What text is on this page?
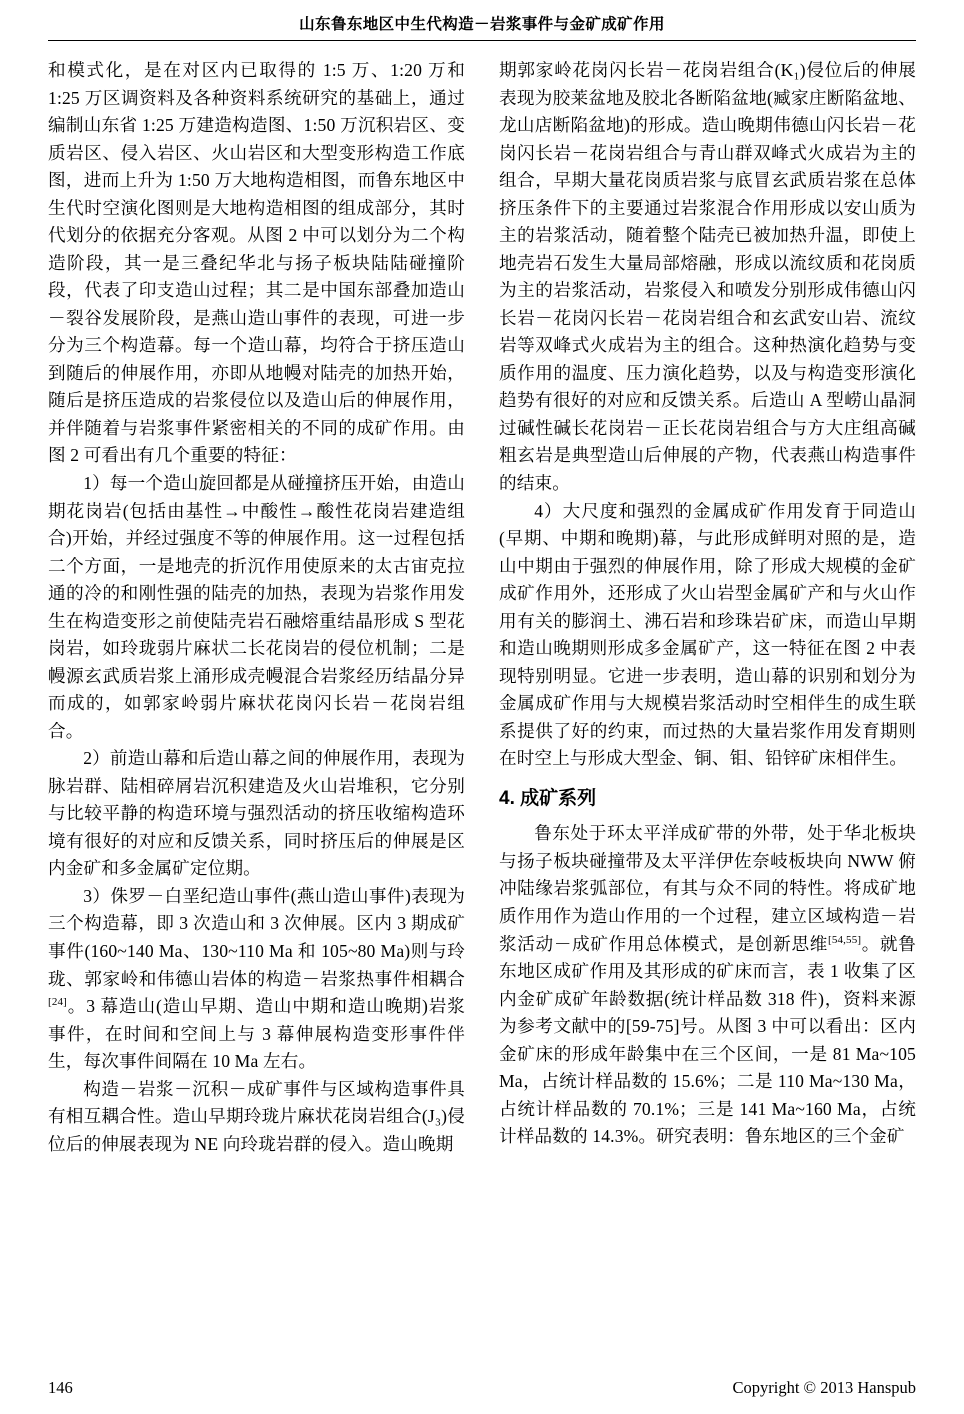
山东鲁东地区中生代构造－岩浆事件与金矿成矿作用

和模式化，是在对区内已取得的 1:5 万、1:20 万和 1:25 万区调资料及各种资料系统研究的基础上，通过编制山东省 1:25 万建造构造图、1:50 万沉积岩区、变质岩区、侵入岩区、火山岩区和大型变形构造工作底图，进而上升为 1:50 万大地构造相图，而鲁东地区中生代时空演化图则是大地构造相图的组成部分，其时代划分的依据充分客观。从图 2 中可以划分为二个构造阶段，其一是三叠纪华北与扬子板块陆陆碰撞阶段，代表了印支造山过程；其二是中国东部叠加造山－裂谷发展阶段，是燕山造山事件的表现，可进一步分为三个构造幕。每一个造山幕，均符合于挤压造山到随后的伸展作用，亦即从地幔对陆壳的加热开始，随后是挤压造成的岩浆侵位以及造山后的伸展作用，并伴随着与岩浆事件紧密相关的不同的成矿作用。由图 2 可看出有几个重要的特征：

1）每一个造山旋回都是从碰撞挤压开始，由造山期花岗岩(包括由基性→中酸性→酸性花岗岩建造组合)开始，并经过强度不等的伸展作用。这一过程包括二个方面，一是地壳的折沉作用使原来的太古宙克拉通的冷的和刚性强的陆壳的加热，表现为岩浆作用发生在构造变形之前使陆壳岩石融熔重结晶形成 S 型花岗岩，如玲珑弱片麻状二长花岗岩的侵位机制；二是幔源玄武质岩浆上涌形成壳幔混合岩浆经历结晶分异而成的，如郭家岭弱片麻状花岗闪长岩－花岗岩组合。

2）前造山幕和后造山幕之间的伸展作用，表现为脉岩群、陆相碎屑岩沉积建造及火山岩堆积，它分别与比较平静的构造环境与强烈活动的挤压收缩构造环境有很好的对应和反馈关系，同时挤压后的伸展是区内金矿和多金属矿定位期。

3）侏罗－白垩纪造山事件(燕山造山事件)表现为三个构造幕，即 3 次造山和 3 次伸展。区内 3 期成矿事件(160~140 Ma、130~110 Ma 和 105~80 Ma)则与玲珑、郭家岭和伟德山岩体的构造－岩浆热事件相耦合[24]。3 幕造山(造山早期、造山中期和造山晚期)岩浆事件，在时间和空间上与 3 幕伸展构造变形事件伴生，每次事件间隔在 10 Ma 左右。

构造－岩浆－沉积－成矿事件与区域构造事件具有相互耦合性。造山早期玲珑片麻状花岗岩组合(J₃)侵位后的伸展表现为 NE 向玲珑岩群的侵入。造山晚期

期郭家岭花岗闪长岩－花岗岩组合(K₁)侵位后的伸展表现为胶莱盆地及胶北各断陷盆地(臧家庄断陷盆地、龙山店断陷盆地)的形成。造山晚期伟德山闪长岩－花岗闪长岩－花岗岩组合与青山群双峰式火成岩为主的组合，早期大量花岗质岩浆与底冒玄武质岩浆在总体挤压条件下的主要通过岩浆混合作用形成以安山质为主的岩浆活动，随着整个陆壳已被加热升温，即使上地壳岩石发生大量局部熔融，形成以流纹质和花岗质为主的岩浆活动，岩浆侵入和喷发分别形成伟德山闪长岩－花岗闪长岩－花岗岩组合和玄武安山岩、流纹岩等双峰式火成岩为主的组合。这种热演化趋势与变质作用的温度、压力演化趋势，以及与构造变形演化趋势有很好的对应和反馈关系。后造山 A 型崂山晶洞过碱性碱长花岗岩－正长花岗岩组合与方大庄组高碱粗玄岩是典型造山后伸展的产物，代表燕山构造事件的结束。

4）大尺度和强烈的金属成矿作用发育于同造山(早期、中期和晚期)幕，与此形成鲜明对照的是，造山中期由于强烈的伸展作用，除了形成大规模的金矿成矿作用外，还形成了火山岩型金属矿产和与火山作用有关的膨润土、沸石岩和珍珠岩矿床，而造山早期和造山晚期则形成多金属矿产，这一特征在图 2 中表现特别明显。它进一步表明，造山幕的识别和划分为金属成矿作用与大规模岩浆活动时空相伴生的成生联系提供了好的约束，而过热的大量岩浆作用发育期则在时空上与形成大型金、铜、钼、铅锌矿床相伴生。

4. 成矿系列

鲁东处于环太平洋成矿带的外带，处于华北板块与扬子板块碰撞带及太平洋伊佐奈岐板块向 NWW 俯冲陆缘岩浆弧部位，有其与众不同的特性。将成矿地质作用作为造山作用的一个过程，建立区域构造－岩浆活动－成矿作用总体模式，是创新思维[54,55]。就鲁东地区成矿作用及其形成的矿床而言，表 1 收集了区内金矿成矿年龄数据(统计样品数 318 件)，资料来源为参考文献中的[59-75]号。从图 3 中可以看出：区内金矿床的形成年龄集中在三个区间，一是 81 Ma~105 Ma，占统计样品数的 15.6%；二是 110 Ma~130 Ma，占统计样品数的 70.1%；三是 141 Ma~160 Ma，占统计样品数的 14.3%。研究表明：鲁东地区的三个金矿

146	Copyright © 2013 Hanspub
